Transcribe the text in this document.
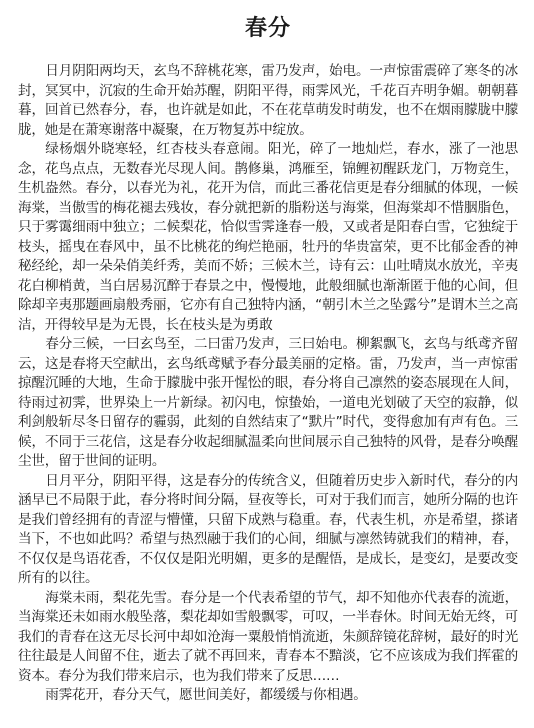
春分

日月阴阳两均天，玄鸟不辞桃花寒，雷乃发声，始电。一声惊雷震碎了寒冬的冰封，冥冥中，沉寂的生命开始苏醒，阴阳平得，雨霁风光，千花百卉明争媚。朝朝暮暮，回首已然春分，春，也许就是如此，不在花草萌发时萌发，也不在烟雨朦胧中朦胧，她是在萧寒谢落中凝聚，在万物复苏中绽放。

绿杨烟外晓寒轻，红杏枝头春意闹。阳光，碎了一地灿烂，春水，涨了一池思念，花鸟点点，无数春光尽现人间。鹊修巢，鸿雁至，锦鲤初醒跃龙门，万物竞生，生机盎然。春分，以春光为礼，花开为信，而此三番花信更是春分细腻的体现，一候海棠，当傲雪的梅花褪去残妆，春分就把新的脂粉送与海棠，但海棠却不惜胭脂色，只于雾霭细雨中独立；二候梨花，恰似雪霁逢春一般，又或者是阳春白雪，它独绽于枝头，摇曳在春风中，虽不比桃花的绚烂艳丽，牡丹的华贵富荣，更不比郁金香的神秘经纶，却一朵朵俏美纤秀，美而不娇；三候木兰，诗有云：山吐晴岚水放光，辛夷花白柳梢黄，当白居易沉醉于春景之中，慢慢地，此般细腻也渐渐匿于他的心间，但除却辛夷那题画扇般秀丽，它亦有自己独特内涵，“朝引木兰之坠露兮”是谓木兰之高洁，开得较早是为无畏，长在枝头是为勇敢

春分三候，一曰玄鸟至，二曰雷乃发声，三曰始电。柳絮飘飞，玄鸟与纸鸢齐留云，这是春将天空献出，玄鸟纸鸢赋予春分最美丽的定格。雷，乃发声，当一声惊雷掠醒沉睡的大地，生命于朦胧中张开惺忪的眼，春分将自己凛然的姿态展现在人间，待雨过初霁，世界染上一片新绿。初闪电，惊蛰始，一道电光划破了天空的寂静，似利剑般斩尽冬日留存的霾弱，此刻的自然结束了“默片”时代，变得愈加有声有色。三候，不同于三花信，这是春分收起细腻温柔向世间展示自己独特的风骨，是春分唤醒尘世，留于世间的证明。

日月平分，阴阳平得，这是春分的传统含义，但随着历史步入新时代，春分的内涵早已不局限于此，春分将时间分隔，昼夜等长，可对于我们而言，她所分隔的也许是我们曾经拥有的青涩与懵懂，只留下成熟与稳重。春，代表生机，亦是希望，搽诸当下，不也如此吗？希望与热烈融于我们的心间，细腻与凛然铸就我们的精神，春，不仅仅是鸟语花香，不仅仅是阳光明媚，更多的是醒悟，是成长，是变幻，是要改变所有的以往。

海棠未雨，梨花先雪。春分是一个代表希望的节气，却不知他亦代表春的流逝，当海棠还未如雨水般坠落，梨花却如雪般飘零，可叹，一半春休。时间无始无终，可我们的青春在这无尽长河中却如沧海一粟般悄悄流逝，朱颜辞镜花辞树，最好的时光往往最是人间留不住，逝去了就不再回来，青春本不黯淡，它不应该成为我们挥霍的资本。春分为我们带来启示，也为我们带来了反思……

雨霁花开，春分天气，愿世间美好，都缓缓与你相遇。
